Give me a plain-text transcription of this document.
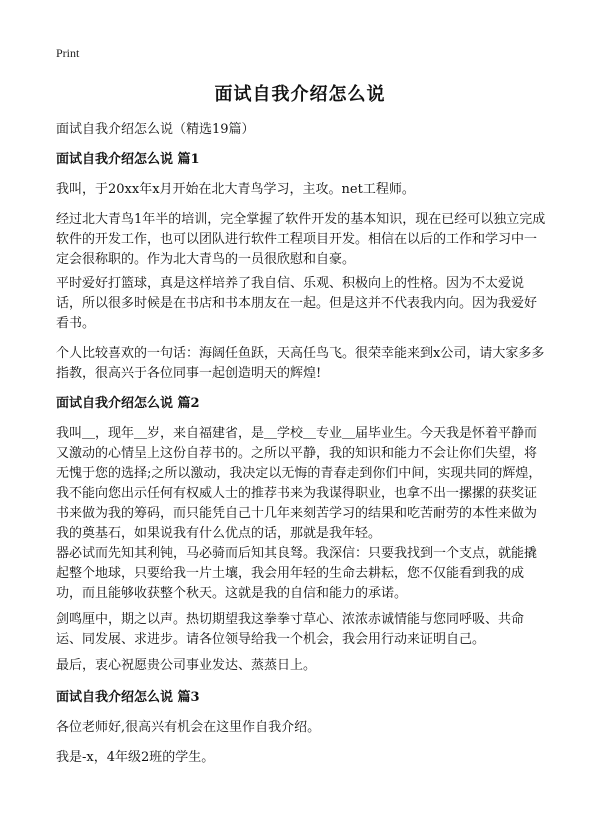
Print
面试自我介绍怎么说
面试自我介绍怎么说（精选19篇）
面试自我介绍怎么说 篇1

我叫，于20xx年x月开始在北大青鸟学习，主攻。net工程师。

经过北大青鸟1年半的培训，完全掌握了软件开发的基本知识，现在已经可以独立完成软件的开发工作，也可以团队进行软件工程项目开发。相信在以后的工作和学习中一定会很称职的。作为北大青鸟的一员很欣慰和自豪。

平时爱好打篮球，真是这样培养了我自信、乐观、积极向上的性格。因为不太爱说话，所以很多时候是在书店和书本朋友在一起。但是这并不代表我内向。因为我爱好看书。

个人比较喜欢的一句话：海阔任鱼跃，天高任鸟飞。很荣幸能来到x公司，请大家多多指教，很高兴于各位同事一起创造明天的辉煌!

面试自我介绍怎么说 篇2

我叫＿，现年＿岁，来自福建省，是＿学校＿专业＿届毕业生。今天我是怀着平静而又激动的心情呈上这份自荐书的。之所以平静，我的知识和能力不会让你们失望，将无愧于您的选择;之所以激动，我决定以无悔的青春走到你们中间，实现共同的辉煌，我不能向您出示任何有权威人士的推荐书来为我谋得职业，也拿不出一摞摞的获奖证书来做为我的筹码，而只能凭自己十几年来刻苦学习的结果和吃苦耐劳的本性来做为我的奠基石，如果说我有什么优点的话，那就是我年轻。

器必试而先知其利钝，马必骑而后知其良驽。我深信：只要我找到一个支点，就能撬起整个地球，只要给我一片土壤，我会用年轻的生命去耕耘，您不仅能看到我的成功，而且能够收获整个秋天。这就是我的自信和能力的承诺。

剑鸣厘中，期之以声。热切期望我这拳拳寸草心、浓浓赤诚情能与您同呼吸、共命运、同发展、求进步。请各位领导给我一个机会，我会用行动来证明自己。

最后，衷心祝愿贵公司事业发达、蒸蒸日上。

面试自我介绍怎么说 篇3

各位老师好,很高兴有机会在这里作自我介绍。

我是-x，4年级2班的学生。
